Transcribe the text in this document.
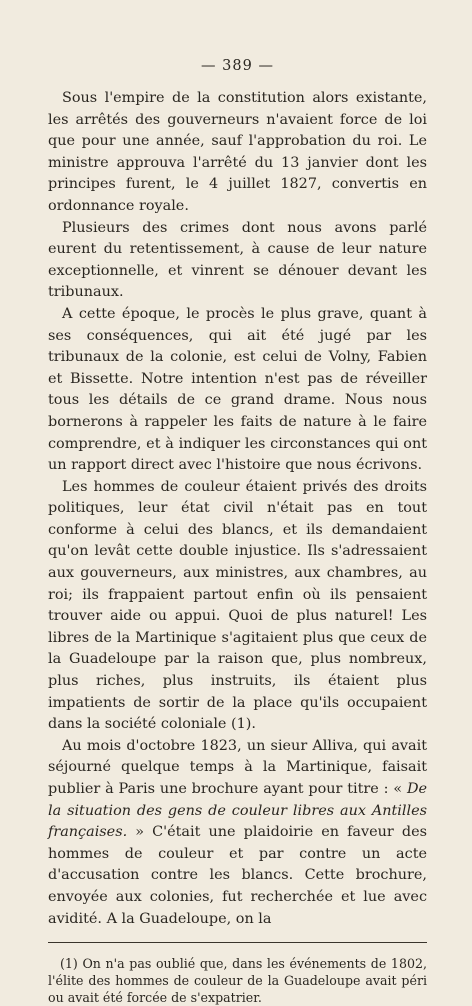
— 389 —

Sous l'empire de la constitution alors existante, les arrêtés des gouverneurs n'avaient force de loi que pour une année, sauf l'approbation du roi. Le ministre approuva l'arrêté du 13 janvier dont les principes furent, le 4 juillet 1827, convertis en ordonnance royale.

Plusieurs des crimes dont nous avons parlé eurent du retentissement, à cause de leur nature exceptionnelle, et vinrent se dénouer devant les tribunaux.

A cette époque, le procès le plus grave, quant à ses conséquences, qui ait été jugé par les tribunaux de la colonie, est celui de Volny, Fabien et Bissette. Notre intention n'est pas de réveiller tous les détails de ce grand drame. Nous nous bornerons à rappeler les faits de nature à le faire comprendre, et à indiquer les circonstances qui ont un rapport direct avec l'histoire que nous écrivons.

Les hommes de couleur étaient privés des droits politiques, leur état civil n'était pas en tout conforme à celui des blancs, et ils demandaient qu'on levât cette double injustice. Ils s'adressaient aux gouverneurs, aux ministres, aux chambres, au roi; ils frappaient partout enfin où ils pensaient trouver aide ou appui. Quoi de plus naturel! Les libres de la Martinique s'agitaient plus que ceux de la Guadeloupe par la raison que, plus nombreux, plus riches, plus instruits, ils étaient plus impatients de sortir de la place qu'ils occupaient dans la société coloniale (1).

Au mois d'octobre 1823, un sieur Alliva, qui avait séjourné quelque temps à la Martinique, faisait publier à Paris une brochure ayant pour titre : « De la situation des gens de couleur libres aux Antilles françaises. » C'était une plaidoirie en faveur des hommes de couleur et par contre un acte d'accusation contre les blancs. Cette brochure, envoyée aux colonies, fut recherchée et lue avec avidité. A la Guadeloupe, on la

(1) On n'a pas oublié que, dans les événements de 1802, l'élite des hommes de couleur de la Guadeloupe avait péri ou avait été forcée de s'expatrier.
